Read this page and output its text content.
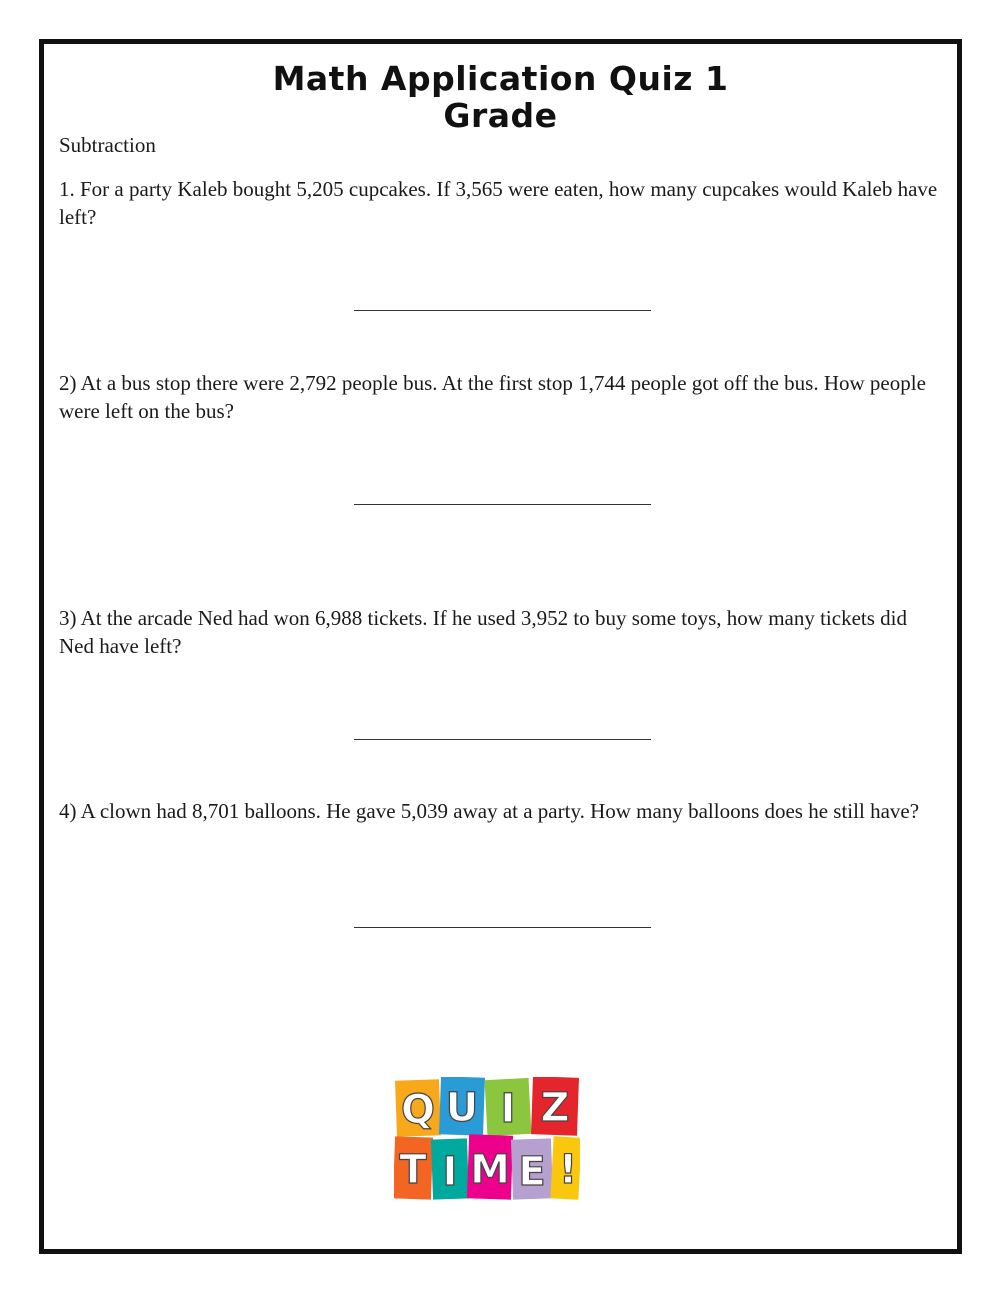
Math Application Quiz 1
Grade
Subtraction
1. For a party Kaleb bought 5,205 cupcakes. If 3,565 were eaten, how many cupcakes would Kaleb have left?
2) At a bus stop there were 2,792 people bus. At the first stop 1,744 people got off the bus. How people were left on the bus?
3) At the arcade Ned had won 6,988 tickets. If he used 3,952 to buy some toys, how many tickets did Ned have left?
4) A clown had 8,701 balloons. He gave 5,039 away at a party. How many balloons does he still have?
Q U I Z
T I M E !
